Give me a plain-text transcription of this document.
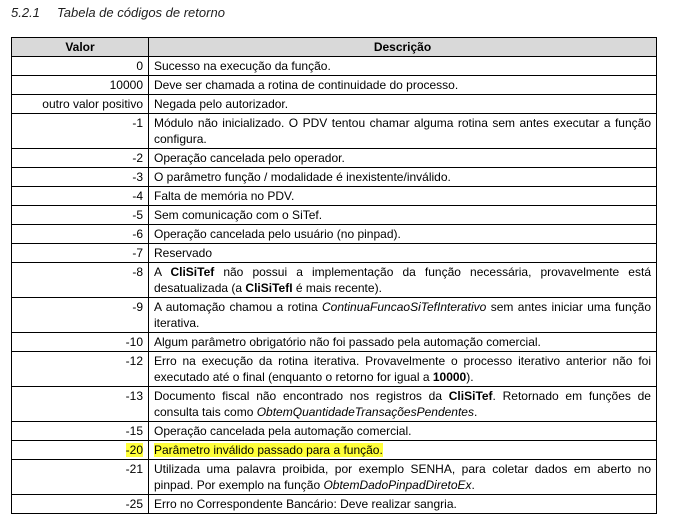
5.2.1 Tabela de códigos de retorno
Valor	Descrição
0	Sucesso na execução da função.
10000	Deve ser chamada a rotina de continuidade do processo.
outro valor positivo	Negada pelo autorizador.
-1	Módulo não inicializado. O PDV tentou chamar alguma rotina sem antes executar a função configura.
-2	Operação cancelada pelo operador.
-3	O parâmetro função / modalidade é inexistente/inválido.
-4	Falta de memória no PDV.
-5	Sem comunicação com o SiTef.
-6	Operação cancelada pelo usuário (no pinpad).
-7	Reservado
-8	A CliSiTef não possui a implementação da função necessária, provavelmente está desatualizada (a CliSiTefI é mais recente).
-9	A automação chamou a rotina ContinuaFuncaoSiTefInterativo sem antes iniciar uma função iterativa.
-10	Algum parâmetro obrigatório não foi passado pela automação comercial.
-12	Erro na execução da rotina iterativa. Provavelmente o processo iterativo anterior não foi executado até o final (enquanto o retorno for igual a 10000).
-13	Documento fiscal não encontrado nos registros da CliSiTef. Retornado em funções de consulta tais como ObtemQuantidadeTransaçõesPendentes.
-15	Operação cancelada pela automação comercial.
-20	Parâmetro inválido passado para a função.
-21	Utilizada uma palavra proibida, por exemplo SENHA, para coletar dados em aberto no pinpad. Por exemplo na função ObtemDadoPinpadDiretoEx.
-25	Erro no Correspondente Bancário: Deve realizar sangria.
